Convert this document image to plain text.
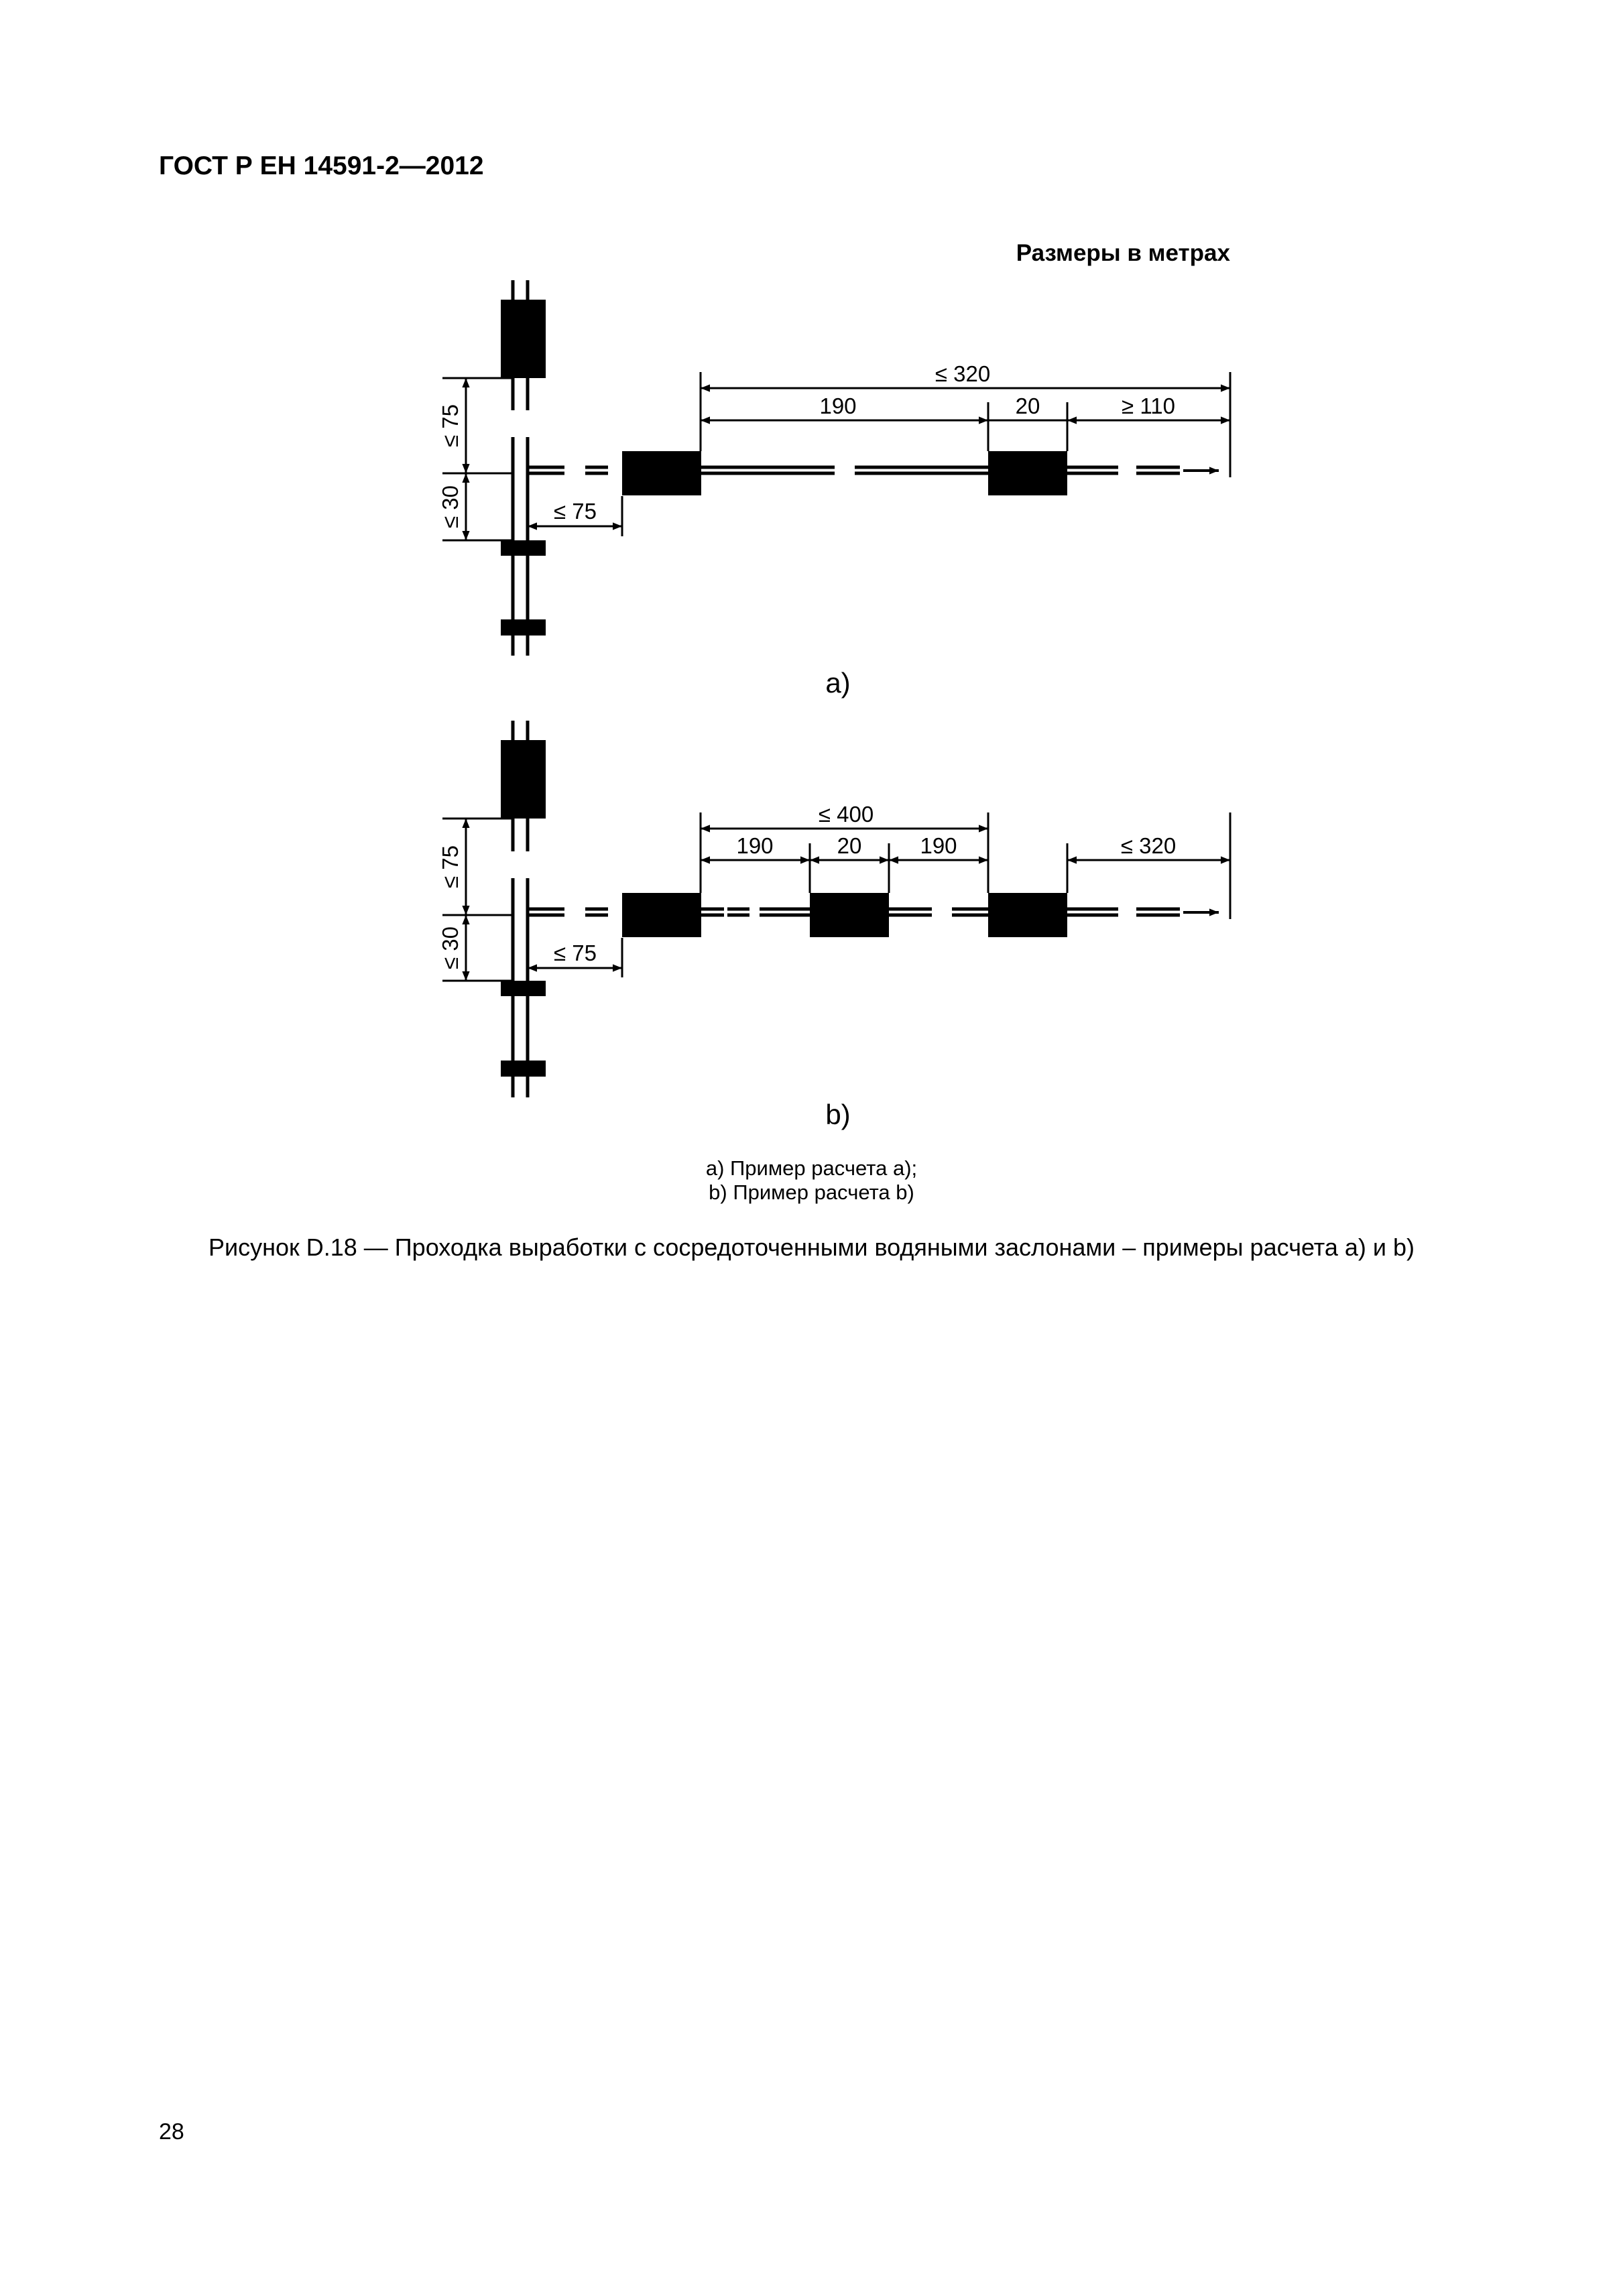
ГОСТ Р ЕН 14591-2—2012
Размеры в метрах
≤ 320
190	20	≥ 110
≤ 75
≤ 30	≤ 75
a)
≤ 400
190	20	190	≤ 320
≤ 75
≤ 30	≤ 75
b)
а) Пример расчета а);
b) Пример расчета b)
Рисунок D.18 — Проходка выработки с сосредоточенными водяными заслонами – примеры расчета а) и b)
28
